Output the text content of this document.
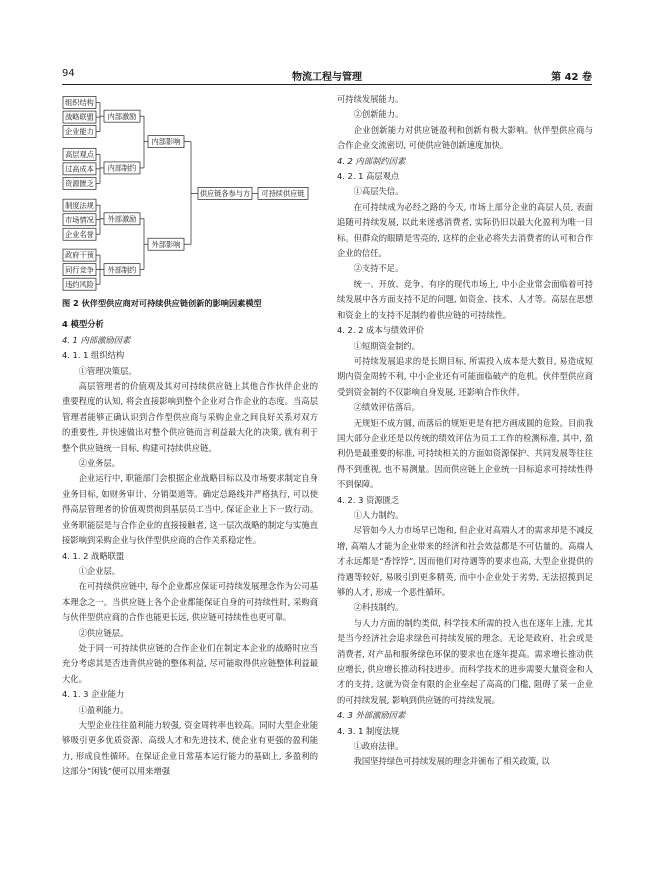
94	物流工程与管理	第 42 卷
组织结构
战略联盟
企业能力
高层观点
过高成本
资源匮乏
制度法规
市场情况
企业名誉
政府干预
同行竞争
违约风险
内部激励
内部制约
外部激励
外部制约
内部影响
外部影响
供应链各参与方 可持续供应链

图 2 伙伴型供应商对可持续供应链创新的影响因素模型

4 模型分析

4. 1 内部激励因素

4. 1. 1 组织结构

①管理决策层。

高层管理者的价值观及其对可持续供应链上其他合作伙伴企业的重要程度的认知, 将会直接影响到整个企业对合作企业的态度。当高层管理者能够正确认识到合作型供应商与采购企业之间良好关系对双方的重要性, 并快速做出对整个供应链而言利益最大化的决策, 就有利于整个供应链统一目标, 构建可持续供应链。

②业务层。

企业运行中, 职能部门会根据企业战略目标以及市场要求制定自身业务目标, 如财务审计、分销渠道等。确定总路线并严格执行, 可以使得高层管理者的价值观贯彻到基层员工当中, 保证企业上下一致行动。业务职能层是与合作企业的直接接触者, 这一层次战略的制定与实施直接影响到采购企业与伙伴型供应商的合作关系稳定性。

4. 1. 2 战略联盟

①企业层。

在可持续供应链中, 每个企业都应保证可持续发展理念作为公司基本理念之一。当供应链上各个企业都能保证自身的可持续性时, 采购商与伙伴型供应商的合作也能更长远, 供应链可持续性也更可靠。

②供应链层。

处于同一可持续供应链的合作企业们在制定本企业的战略时应当充分考虑其是否违背供应链的整体利益, 尽可能取得供应链整体利益最大化。

4. 1. 3 企业能力

①盈利能力。

大型企业往往盈利能力较强, 资金周转率也较高。同时大型企业能够吸引更多优质资源、高级人才和先进技术, 使企业有更强的盈利能力, 形成良性循环。在保证企业日常基本运行能力的基础上, 多盈利的这部分“闲钱”便可以用来增强

可持续发展能力。

②创新能力。

企业创新能力对供应链盈利和创新有极大影响。伙伴型供应商与合作企业交流密切, 可使供应链创新速度加快。

4. 2 内部制约因素

4. 2. 1 高层观点

①高层失信。

在可持续成为必经之路的今天, 市场上部分企业的高层人员, 表面追随可持续发展, 以此来迷惑消费者, 实际仍旧以最大化盈利为唯一目标。但群众的眼睛是雪亮的, 这样的企业必将失去消费者的认可和合作企业的信任。

②支持不足。

统一、开放、竞争、有序的现代市场上, 中小企业常会面临着可持续发展中各方面支持不足的问题, 如资金、技术、人才等。高层在思想和资金上的支持不足制约着供应链的可持续性。

4. 2. 2 成本与绩效评价

①短期资金制约。

可持续发展追求的是长期目标, 所需投入成本是大数目, 易造成短期内资金周转不利, 中小企业还有可能面临破产的危机。伙伴型供应商受到资金制约不仅影响自身发展, 还影响合作伙伴。

②绩效评估落后。

无规矩不成方圆, 而落后的规矩更是有把方画成圆的危险。目前我国大部分企业还是以传统的绩效评估为员工工作的检测标准, 其中, 盈利仍是最重要的标准, 可持续相关的方面如资源保护、共同发展等往往得不到重视, 也不易测量。因而供应链上企业统一目标追求可持续性得不到保障。

4. 2. 3 资源匮乏

①人力制约。

尽管如今人力市场早已饱和, 但企业对高端人才的需求却是不减反增, 高端人才能为企业带来的经济和社会效益都是不可估量的。高端人才永远都是“香饽饽”, 因而他们对待遇等的要求也高, 大型企业提供的待遇等较好, 易吸引到更多精英, 而中小企业处于劣势, 无法招揽到足够的人才, 形成一个恶性循环。

②科技制约。

与人力方面的制约类似, 科学技术所需的投入也在逐年上涨, 尤其是当今经济社会追求绿色可持续发展的理念。无论是政府、社会或是消费者, 对产品和服务绿色环保的要求也在逐年提高。需求增长推动供应增长, 供应增长推动科技进步。而科学技术的进步需要大量资金和人才的支持, 这就为资金有限的企业垒起了高高的门槛, 阻碍了某一企业的可持续发展, 影响到供应链的可持续发展。

4. 3 外部激励因素

4. 3. 1 制度法规

①政府法律。

我国坚持绿色可持续发展的理念并颁布了相关政策, 以
